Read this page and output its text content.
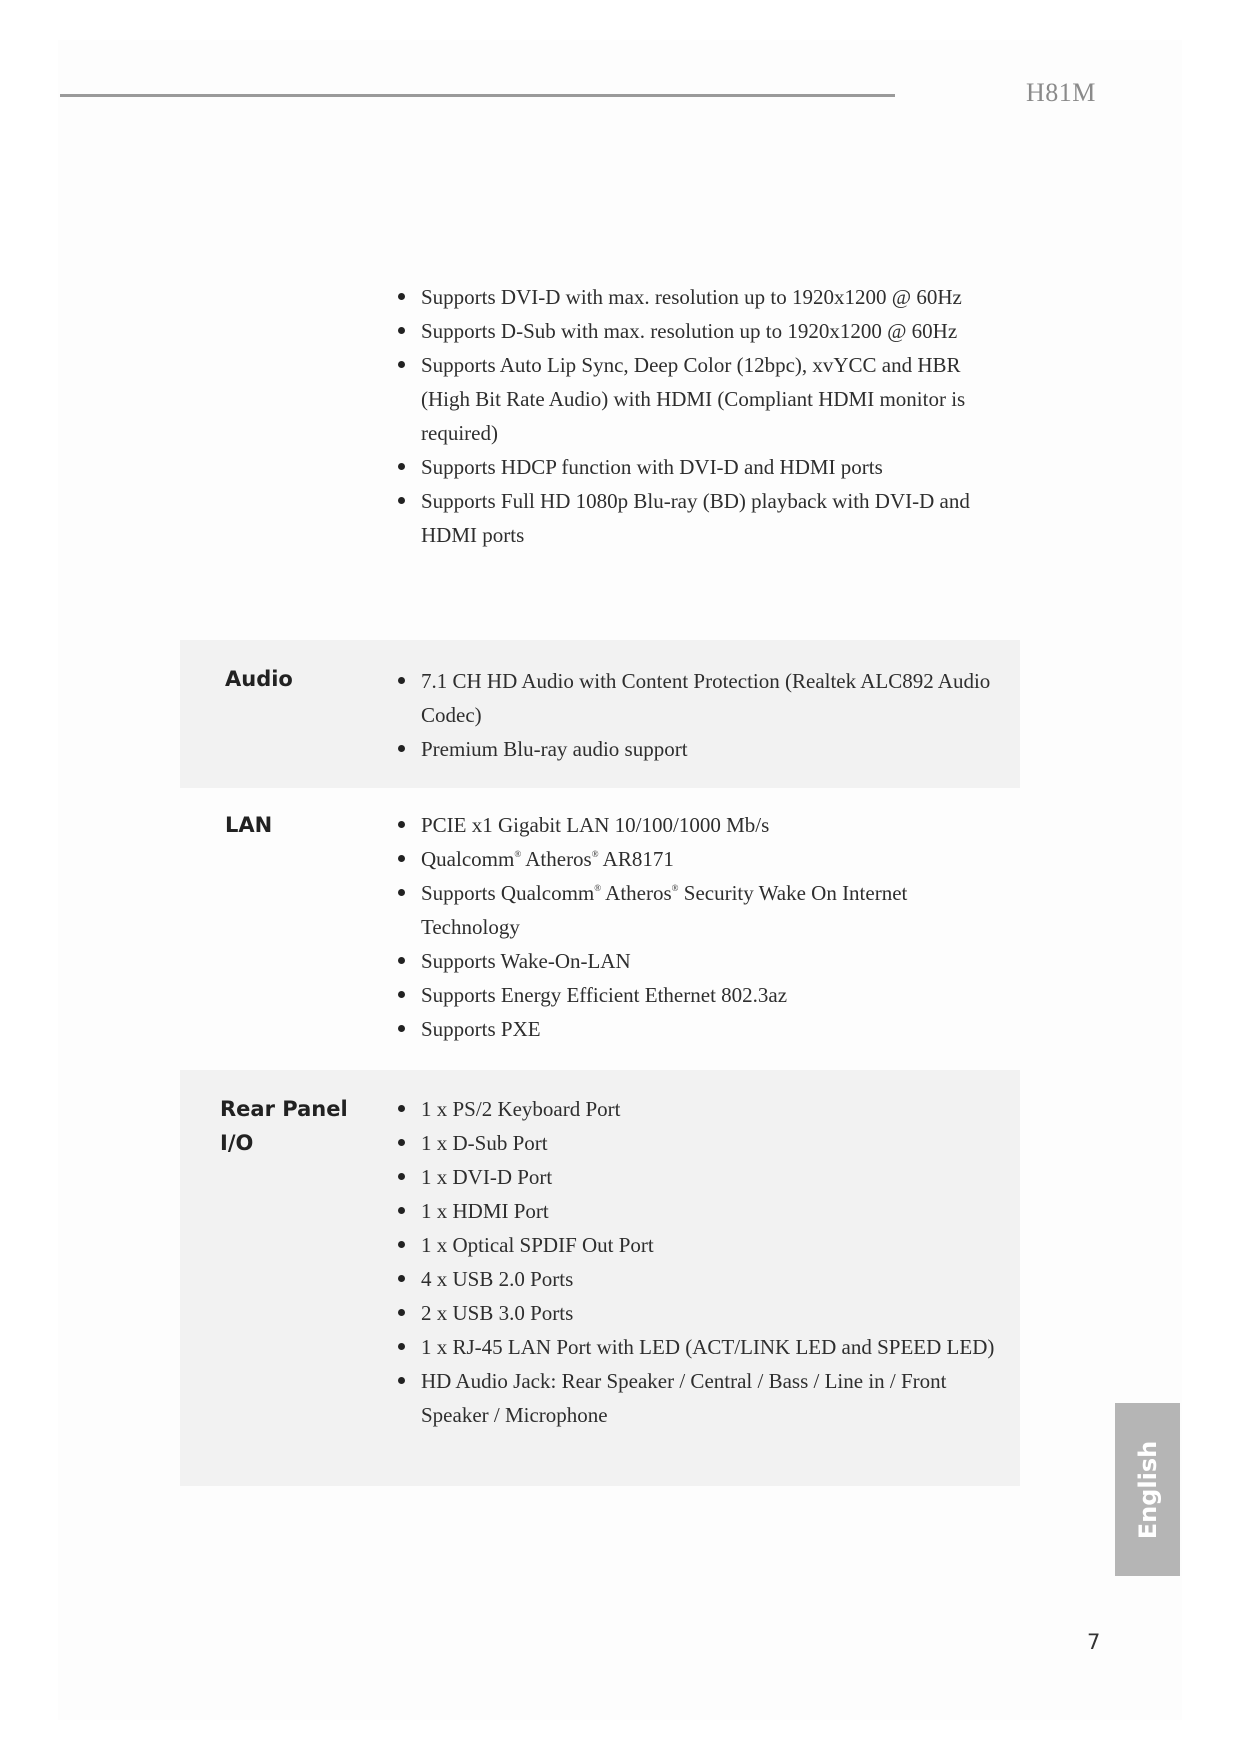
H81M
Supports DVI-D with max. resolution up to 1920x1200 @ 60Hz
Supports D-Sub with max. resolution up to 1920x1200 @ 60Hz
Supports Auto Lip Sync, Deep Color (12bpc), xvYCC and HBR (High Bit Rate Audio) with HDMI (Compliant HDMI monitor is required)
Supports HDCP function with DVI-D and HDMI ports
Supports Full HD 1080p Blu-ray (BD) playback with DVI-D and HDMI ports
Audio	7.1 CH HD Audio with Content Protection (Realtek ALC892 Audio Codec)
Premium Blu-ray audio support
LAN	PCIE x1 Gigabit LAN 10/100/1000 Mb/s
Qualcomm® Atheros® AR8171
Supports Qualcomm® Atheros® Security Wake On Internet Technology
Supports Wake-On-LAN
Supports Energy Efficient Ethernet 802.3az
Supports PXE
Rear Panel I/O
1 x PS/2 Keyboard Port
1 x D-Sub Port
1 x DVI-D Port
1 x HDMI Port
1 x Optical SPDIF Out Port
4 x USB 2.0 Ports
2 x USB 3.0 Ports
1 x RJ-45 LAN Port with LED (ACT/LINK LED and SPEED LED)
HD Audio Jack: Rear Speaker / Central / Bass / Line in / Front Speaker / Microphone
English
7
